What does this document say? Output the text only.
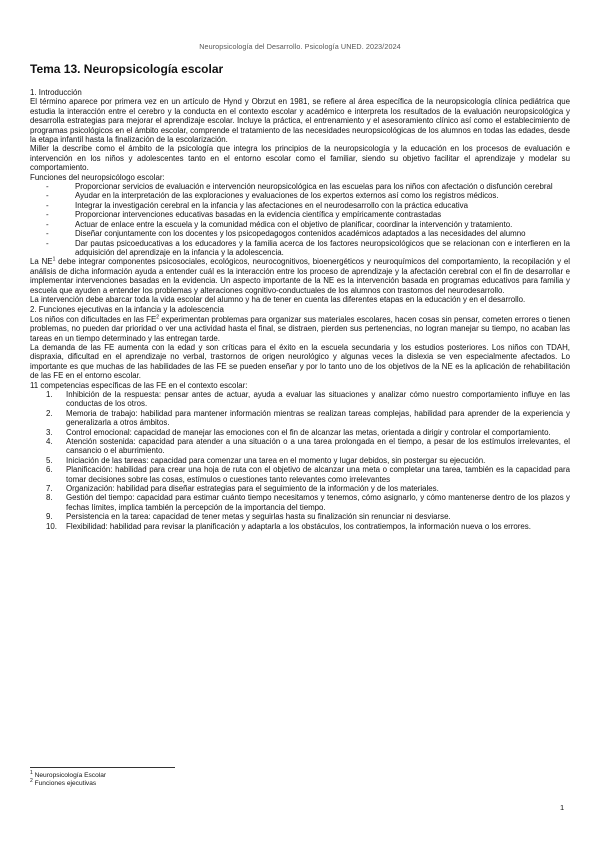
Neuropsicología del Desarrollo. Psicología UNED. 2023/2024
Tema 13. Neuropsicología escolar

1. Introducción

El término aparece por primera vez en un artículo de Hynd y Obrzut en 1981, se refiere al área específica de la neuropsicología clínica pediátrica que estudia la interacción entre el cerebro y la conducta en el contexto escolar y académico e interpreta los resultados de la evaluación neuropsicológica y desarrolla estrategias para mejorar el aprendizaje escolar. Incluye la práctica, el entrenamiento y el asesoramiento clínico así como el establecimiento de programas psicológicos en el ámbito escolar, comprende el tratamiento de las necesidades neuropsicológicas de los alumnos en todas las edades, desde la etapa infantil hasta la finalización de la escolarización.

Miller la describe como el ámbito de la psicología que integra los principios de la neuropsicología y la educación en los procesos de evaluación e intervención en los niños y adolescentes tanto en el entorno escolar como el familiar, siendo su objetivo facilitar el aprendizaje y modelar su comportamiento.

Funciones del neuropsicólogo escolar:

-	Proporcionar servicios de evaluación e intervención neuropsicológica en las escuelas para los niños con afectación o disfunción cerebral
-	Ayudar en la interpretación de las exploraciones y evaluaciones de los expertos externos así como los registros médicos.
-	Integrar la investigación cerebral en la infancia y las afectaciones en el neurodesarrollo con la práctica educativa
-	Proporcionar intervenciones educativas basadas en la evidencia científica y empíricamente contrastadas
-	Actuar de enlace entre la escuela y la comunidad médica con el objetivo de planificar, coordinar la intervención y tratamiento.
-	Diseñar conjuntamente con los docentes y los psicopedagogos contenidos académicos adaptados a las necesidades del alumno
-	Dar pautas psicoeducativas a los educadores y la familia acerca de los factores neuropsicológicos que se relacionan con e interfieren en la adquisición del aprendizaje en la infancia y la adolescencia.

La $NE^1$ debe integrar componentes psicosociales, ecológicos, neurocognitivos, bioenergéticos y neuroquímicos del comportamiento, la recopilación y el análisis de dicha información ayuda a entender cuál es la interacción entre los proceso de aprendizaje y la afectación cerebral con el fin de desarrollar e implementar intervenciones basadas en la evidencia. Un aspecto importante de la NE es la intervención basada en programas educativos para familia y escuela que ayuden a entender los problemas y alteraciones cognitivo-conductuales de los alumnos con trastornos del neurodesarrollo.

La intervención debe abarcar toda la vida escolar del alumno y ha de tener en cuenta las diferentes etapas en la educación y en el desarrollo.

2. Funciones ejecutivas en la infancia y la adolescencia

Los niños con dificultades en las $FE^2$ experimentan problemas para organizar sus materiales escolares, hacen cosas sin pensar, cometen errores o tienen problemas, no pueden dar prioridad o ver una actividad hasta el final, se distraen, pierden sus pertenencias, no logran manejar su tiempo, no acaban las tareas en un tiempo determinado y las entregan tarde.

La demanda de las FE aumenta con la edad y son críticas para el éxito en la escuela secundaria y los estudios posteriores. Los niños con TDAH, dispraxia, dificultad en el aprendizaje no verbal, trastornos de origen neurológico y algunas veces la dislexia se ven especialmente afectados. Lo importante es que muchas de las habilidades de las FE se pueden enseñar y por lo tanto uno de los objetivos de la NE es la aplicación de rehabilitación de las FE en el entorno escolar.

11 competencias específicas de las FE en el contexto escolar:

1. Inhibición de la respuesta: pensar antes de actuar, ayuda a evaluar las situaciones y analizar cómo nuestro comportamiento influye en las conductas de los otros.
2. Memoria de trabajo: habilidad para mantener información mientras se realizan tareas complejas, habilidad para aprender de la experiencia y generalizarla a otros ámbitos.
3. Control emocional: capacidad de manejar las emociones con el fin de alcanzar las metas, orientada a dirigir y controlar el comportamiento.
4. Atención sostenida: capacidad para atender a una situación o a una tarea prolongada en el tiempo, a pesar de los estímulos irrelevantes, el cansancio o el aburrimiento.
5. Iniciación de las tareas: capacidad para comenzar una tarea en el momento y lugar debidos, sin postergar su ejecución.
6. Planificación: habilidad para crear una hoja de ruta con el objetivo de alcanzar una meta o completar una tarea, también es la capacidad para tomar decisiones sobre las cosas, estímulos o cuestiones tanto relevantes como irrelevantes
7. Organización: habilidad para diseñar estrategias para el seguimiento de la información y de los materiales.
8. Gestión del tiempo: capacidad para estimar cuánto tiempo necesitamos y tenemos, cómo asignarlo, y cómo mantenerse dentro de los plazos y fechas límites, implica también la percepción de la importancia del tiempo.
9. Persistencia en la tarea: capacidad de tener metas y seguirlas hasta su finalización sin renunciar ni desviarse.
10. Flexibilidad: habilidad para revisar la planificación y adaptarla a los obstáculos, los contratiempos, la información nueva o los errores.
$^1$ Neuropsicología Escolar
$^2$ Funciones ejecutivas
1
